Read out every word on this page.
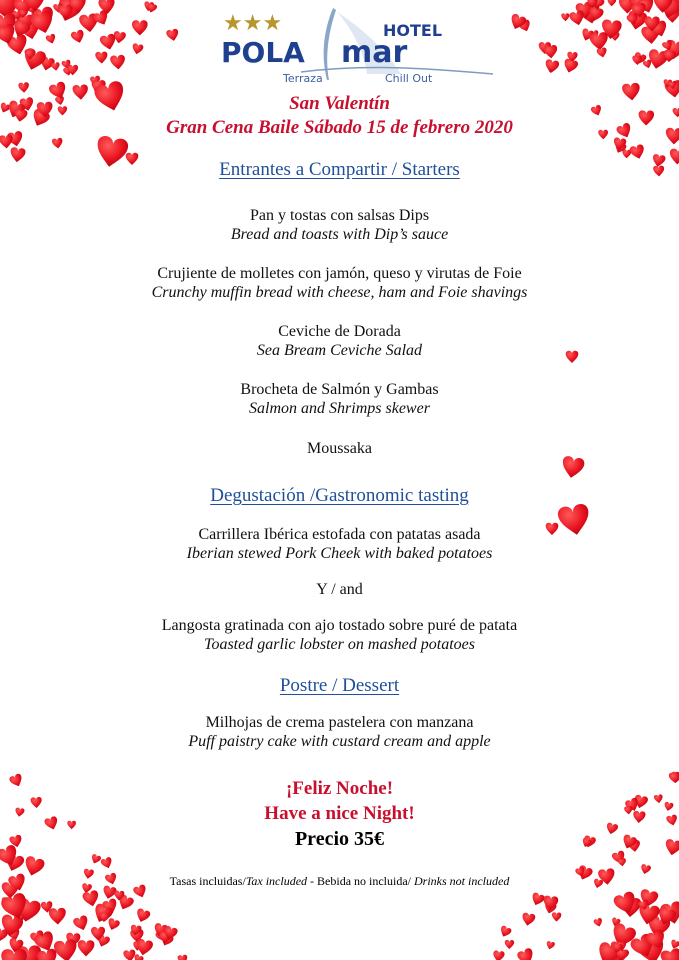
★★★	HOTEL
POLA mar
Terraza	Chill Out
San Valentín
Gran Cena Baile Sábado 15 de febrero 2020
Entrantes a Compartir / Starters
Pan y tostas con salsas Dips
Bread and toasts with Dip’s sauce
Crujiente de molletes con jamón, queso y virutas de Foie
Crunchy muffin bread with cheese, ham and Foie shavings
Ceviche de Dorada
Sea Bream Ceviche Salad
Brocheta de Salmón y Gambas
Salmon and Shrimps skewer
Moussaka
Degustación /Gastronomic tasting
Carrillera Ibérica estofada con patatas asada
Iberian stewed Pork Cheek with baked potatoes
Y / and
Langosta gratinada con ajo tostado sobre puré de patata
Toasted garlic lobster on mashed potatoes
Postre / Dessert
Milhojas de crema pastelera con manzana
Puff paistry cake with custard cream and apple
¡Feliz Noche!
Have a nice Night!
Precio 35€
Tasas incluidas/Tax included - Bebida no incluida/ Drinks not included
